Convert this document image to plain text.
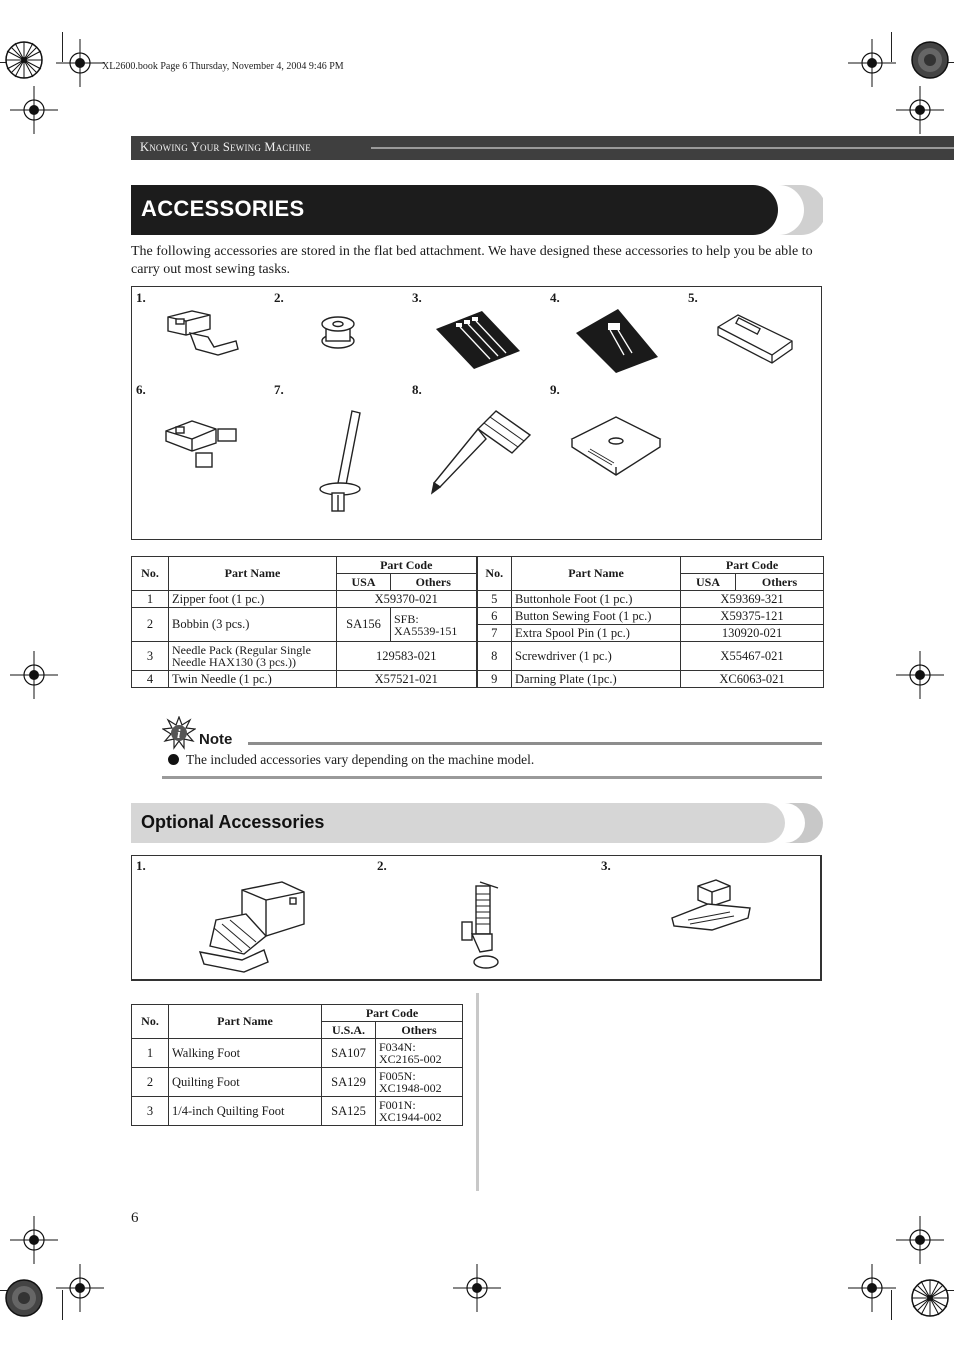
XL2600.book Page 6 Thursday, November 4, 2004 9:46 PM
Knowing Your Sewing Machine
ACCESSORIES
The following accessories are stored in the flat bed attachment. We have designed these accessories to help you be able to carry out most sewing tasks.
1.	2.	3.	4.	5.
6.	7.	8.	9.
No.	Part Name	Part Code		No.	Part Name	Part Code	
		USA	Others			USA	Others
1	Zipper foot (1 pc.)	X59370-021		5	Buttonhole Foot (1 pc.)	X59369-321	
2	Bobbin (3 pcs.)	SA156	SFB:
XA5539-151	6	Button Sewing Foot (1 pc.)	X59375-121	
				7	Extra Spool Pin (1 pc.)	130920-021	
3	Needle Pack (Regular Single
Needle HAX130 (3 pcs.))	129583-021		8	Screwdriver (1 pc.)	X55467-021	
4	Twin Needle (1 pc.)	X57521-021		9	Darning Plate (1pc.)	XC6063-021	
i Note
The included accessories vary depending on the machine model.
Optional Accessories
1.	2.	3.
No.	Part Name	Part Code	
		U.S.A.	Others
1	Walking Foot	SA107	F034N:
XC2165-002

2	Quilting Foot	SA129	F005N:
XC1948-002

3	1/4-inch Quilting Foot	SA125	F001N:
XC1944-002
6
